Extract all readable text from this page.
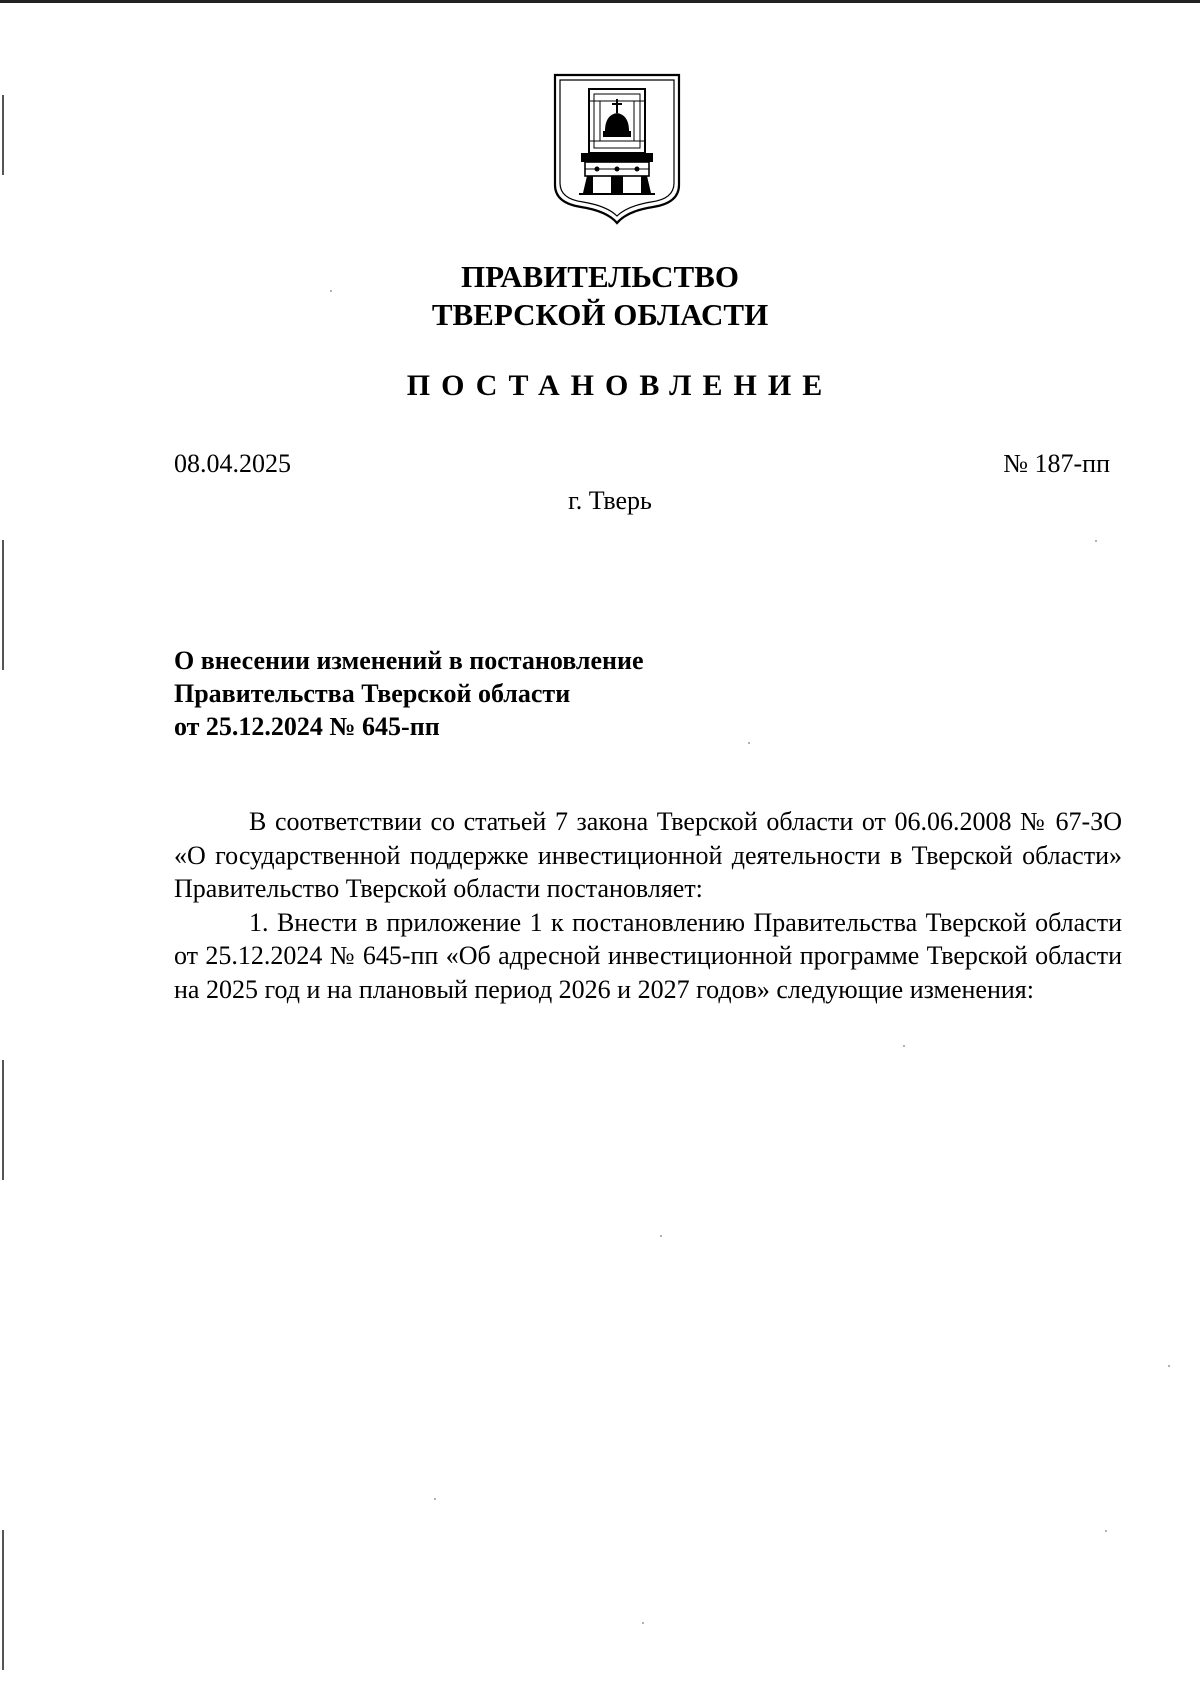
ПРАВИТЕЛЬСТВО
ТВЕРСКОЙ ОБЛАСТИ
ПОСТАНОВЛЕНИЕ
08.04.2025	№ 187-пп
г. Тверь
О внесении изменений в постановление
Правительства Тверской области
от 25.12.2024 № 645-пп

В соответствии со статьей 7 закона Тверской области от 06.06.2008 № 67-ЗО «О государственной поддержке инвестиционной деятельности в Тверской области» Правительство Тверской области постановляет:

1. Внести в приложение 1 к постановлению Правительства Тверской области от 25.12.2024 № 645-пп «Об адресной инвестиционной программе Тверской области на 2025 год и на плановый период 2026 и 2027 годов» следующие изменения:
